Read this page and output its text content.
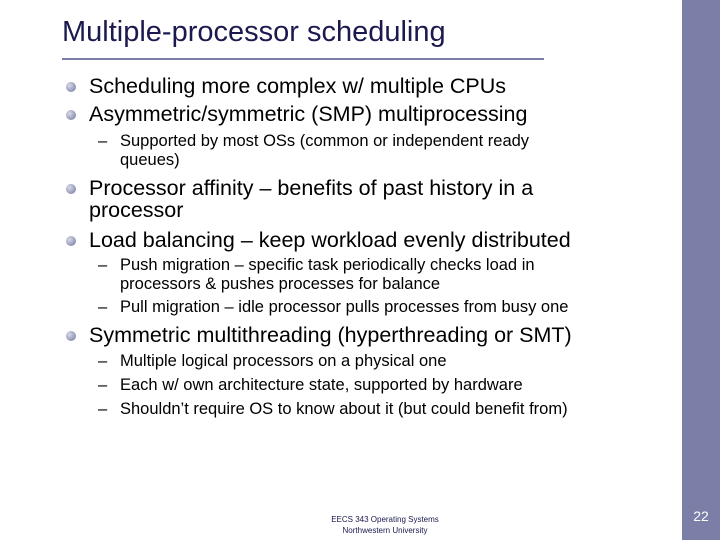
22
Multiple-processor scheduling
Scheduling more complex w/ multiple CPUs
Asymmetric/symmetric (SMP) multiprocessing
– Supported by most OSs (common or independent ready
queues)
Processor affinity – benefits of past history in a
processor
Load balancing – keep workload evenly distributed
– Push migration – specific task periodically checks load in
processors & pushes processes for balance
– Pull migration – idle processor pulls processes from busy one
Symmetric multithreading (hyperthreading or SMT)
– Multiple logical processors on a physical one
– Each w/ own architecture state, supported by hardware
– Shouldn’t require OS to know about it (but could benefit from)
EECS 343 Operating Systems
Northwestern University
